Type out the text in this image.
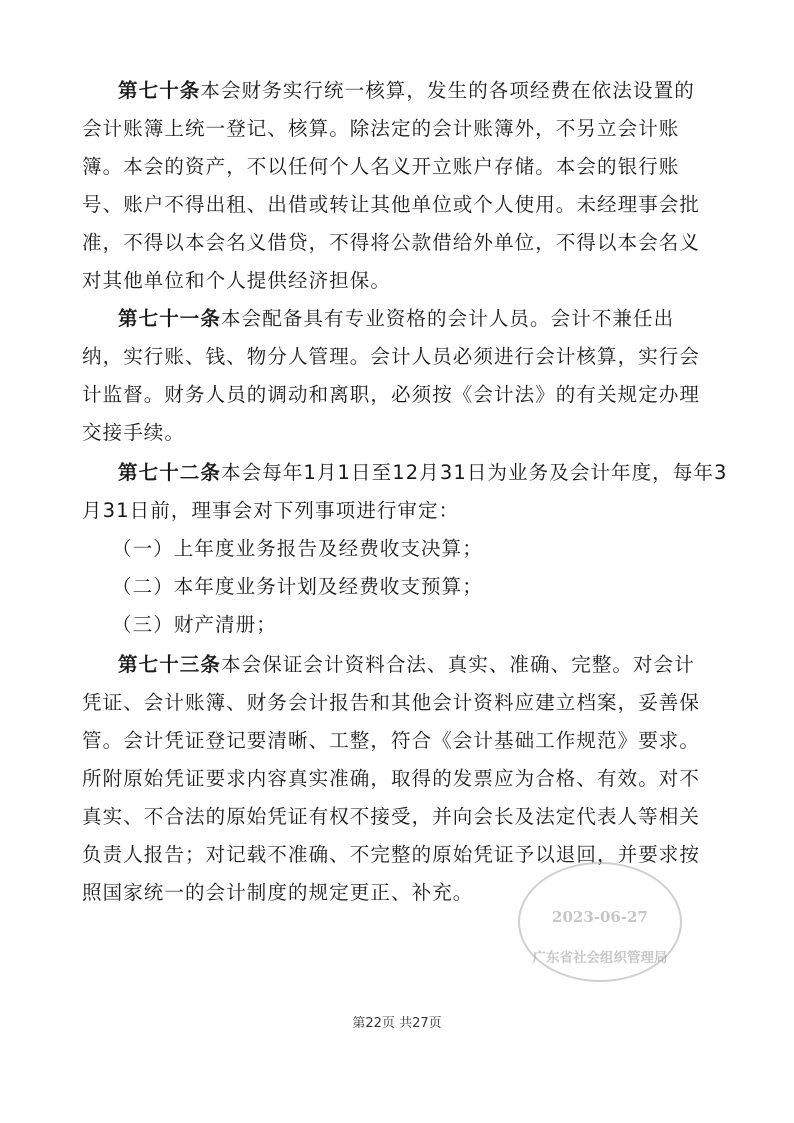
第七十条本会财务实行统一核算，发生的各项经费在依法设置的
会计账簿上统一登记、核算。除法定的会计账簿外，不另立会计账
簿。本会的资产，不以任何个人名义开立账户存储。本会的银行账
号、账户不得出租、出借或转让其他单位或个人使用。未经理事会批
准，不得以本会名义借贷，不得将公款借给外单位，不得以本会名义
对其他单位和个人提供经济担保。
第七十一条本会配备具有专业资格的会计人员。会计不兼任出
纳，实行账、钱、物分人管理。会计人员必须进行会计核算，实行会
计监督。财务人员的调动和离职，必须按《会计法》的有关规定办理
交接手续。
第七十二条本会每年1月1日至12月31日为业务及会计年度，每年3
月31日前，理事会对下列事项进行审定：
（一）上年度业务报告及经费收支决算；
（二）本年度业务计划及经费收支预算；
（三）财产清册；
第七十三条本会保证会计资料合法、真实、准确、完整。对会计
凭证、会计账簿、财务会计报告和其他会计资料应建立档案，妥善保
管。会计凭证登记要清晰、工整，符合《会计基础工作规范》要求。
所附原始凭证要求内容真实准确，取得的发票应为合格、有效。对不
真实、不合法的原始凭证有权不接受，并向会长及法定代表人等相关
负责人报告；对记载不准确、不完整的原始凭证予以退回，并要求按
照国家统一的会计制度的规定更正、补充。
2023-06-27
广东省社会组织管理局
第22页 共27页
